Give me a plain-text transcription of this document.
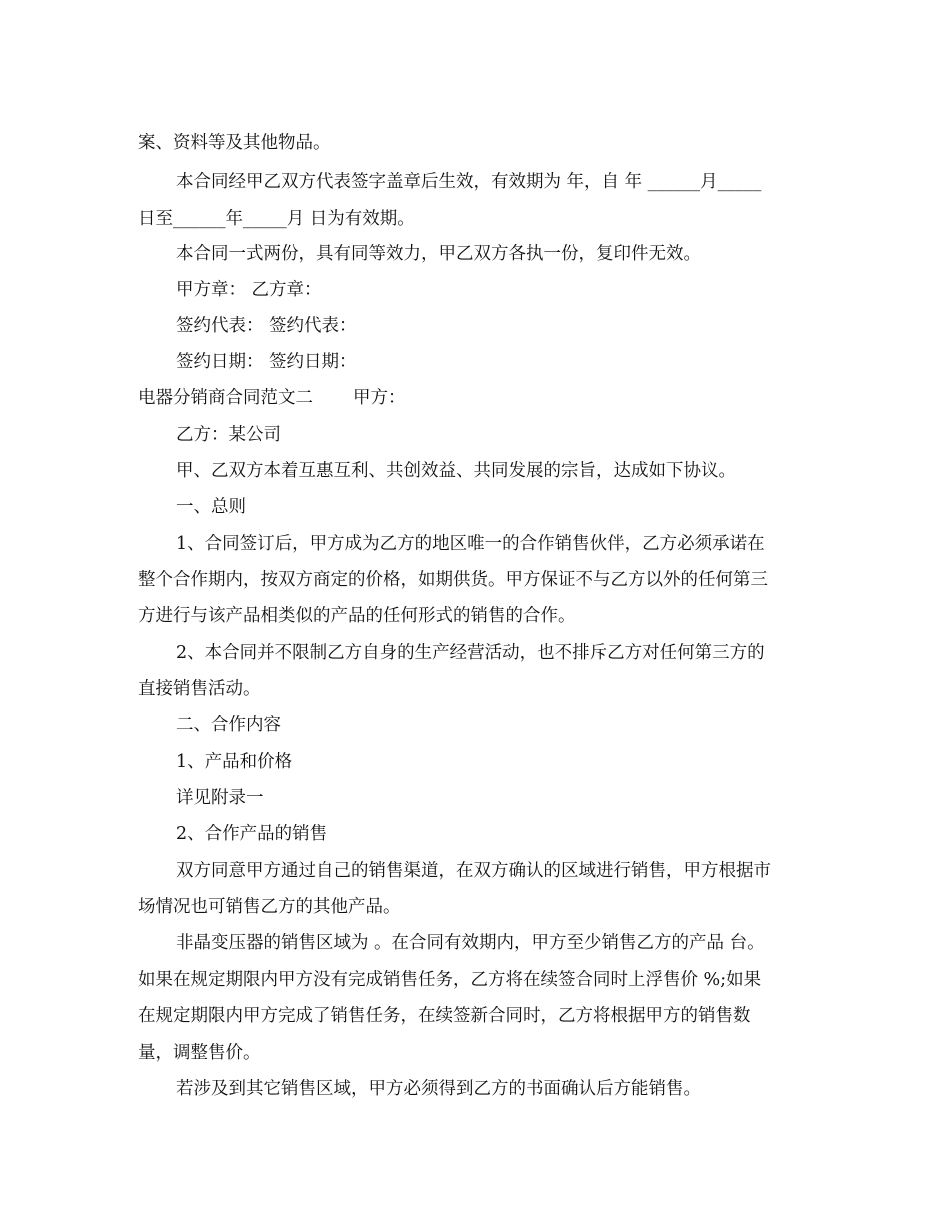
案、资料等及其他物品。
本合同经甲乙双方代表签字盖章后生效，有效期为 年，自 年 ______月_____
日至______年_____月 日为有效期。
本合同一式两份，具有同等效力，甲乙双方各执一份，复印件无效。
甲方章： 乙方章：
签约代表： 签约代表：
签约日期： 签约日期：
电器分销商合同范文二 甲方：
乙方：某公司
甲、乙双方本着互惠互利、共创效益、共同发展的宗旨，达成如下协议。
一、总则
1、合同签订后，甲方成为乙方的地区唯一的合作销售伙伴，乙方必须承诺在
整个合作期内，按双方商定的价格，如期供货。甲方保证不与乙方以外的任何第三
方进行与该产品相类似的产品的任何形式的销售的合作。
2、本合同并不限制乙方自身的生产经营活动，也不排斥乙方对任何第三方的
直接销售活动。
二、合作内容
1、产品和价格
详见附录一
2、合作产品的销售
双方同意甲方通过自己的销售渠道，在双方确认的区域进行销售，甲方根据市
场情况也可销售乙方的其他产品。
非晶变压器的销售区域为 。在合同有效期内，甲方至少销售乙方的产品 台。
如果在规定期限内甲方没有完成销售任务，乙方将在续签合同时上浮售价 %;如果
在规定期限内甲方完成了销售任务，在续签新合同时，乙方将根据甲方的销售数
量，调整售价。
若涉及到其它销售区域，甲方必须得到乙方的书面确认后方能销售。
